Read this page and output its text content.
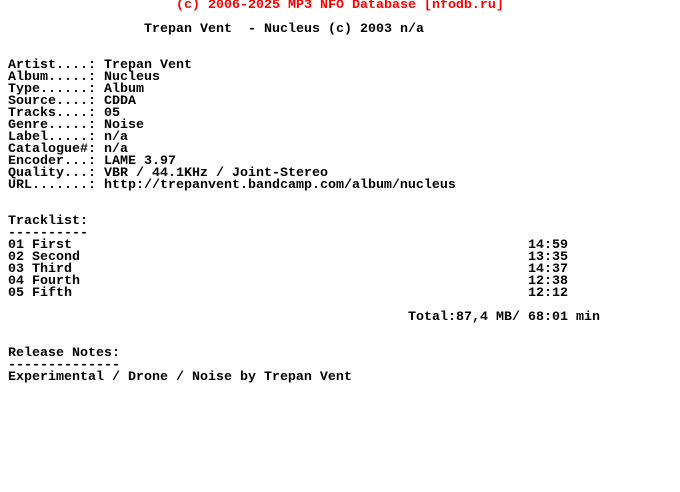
(c) 2006-2025 MP3 NFO Database [nfodb.ru]
Trepan Vent  - Nucleus (c) 2003 n/a
Artist....: Trepan Vent
Album.....: Nucleus
Type......: Album
Source....: CDDA
Tracks....: 05
Genre.....: Noise
Label.....: n/a
Catalogue#: n/a
Encoder...: LAME 3.97
Quality...: VBR / 44.1KHz / Joint-Stereo
URL.......: http://trepanvent.bandcamp.com/album/nucleus
Tracklist:
----------
01 First	14:59
02 Second	13:35
03 Third	14:37
04 Fourth	12:38
05 Fifth	12:12
Total:87,4 MB/ 68:01 min
Release Notes:
--------------
Experimental / Drone / Noise by Trepan Vent
